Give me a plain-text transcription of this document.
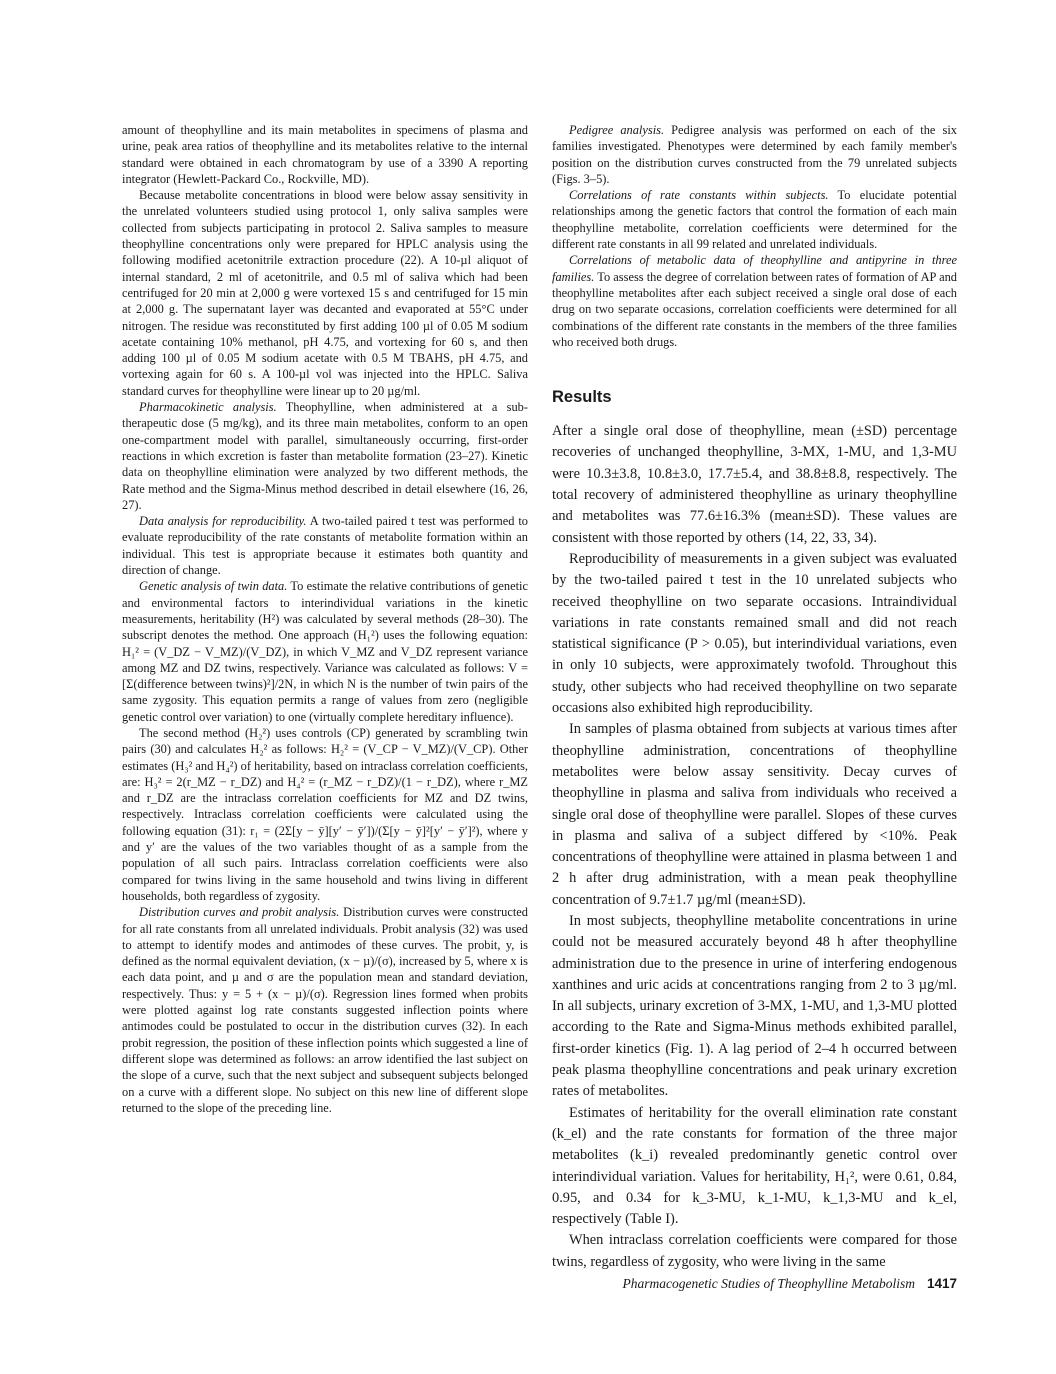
amount of theophylline and its main metabolites in specimens of plasma and urine, peak area ratios of theophylline and its metabolites relative to the internal standard were obtained in each chromatogram by use of a 3390 A reporting integrator (Hewlett-Packard Co., Rockville, MD).

Because metabolite concentrations in blood were below assay sensitivity in the unrelated volunteers studied using protocol 1, only saliva samples were collected from subjects participating in protocol 2. Saliva samples to measure theophylline concentrations only were prepared for HPLC analysis using the following modified acetonitrile extraction procedure (22). A 10-µl aliquot of internal standard, 2 ml of acetonitrile, and 0.5 ml of saliva which had been centrifuged for 20 min at 2,000 g were vortexed 15 s and centrifuged for 15 min at 2,000 g. The supernatant layer was decanted and evaporated at 55°C under nitrogen. The residue was reconstituted by first adding 100 µl of 0.05 M sodium acetate containing 10% methanol, pH 4.75, and vortexing for 60 s, and then adding 100 µl of 0.05 M sodium acetate with 0.5 M TBAHS, pH 4.75, and vortexing again for 60 s. A 100-µl vol was injected into the HPLC. Saliva standard curves for theophylline were linear up to 20 µg/ml.

Pharmacokinetic analysis. Theophylline, when administered at a sub-therapeutic dose (5 mg/kg), and its three main metabolites, conform to an open one-compartment model with parallel, simultaneously occurring, first-order reactions in which excretion is faster than metabolite formation (23–27). Kinetic data on theophylline elimination were analyzed by two different methods, the Rate method and the Sigma-Minus method described in detail elsewhere (16, 26, 27).

Data analysis for reproducibility. A two-tailed paired t test was performed to evaluate reproducibility of the rate constants of metabolite formation within an individual. This test is appropriate because it estimates both quantity and direction of change.

Genetic analysis of twin data. To estimate the relative contributions of genetic and environmental factors to interindividual variations in the kinetic measurements, heritability (H²) was calculated by several methods (28–30). The subscript denotes the method. One approach (H₁²) uses the following equation: H₁² = (V_DZ − V_MZ)/(V_DZ), in which V_MZ and V_DZ represent variance among MZ and DZ twins, respectively. Variance was calculated as follows: V = [Σ(difference between twins)²]/2N, in which N is the number of twin pairs of the same zygosity. This equation permits a range of values from zero (negligible genetic control over variation) to one (virtually complete hereditary influence).

The second method (H₂²) uses controls (CP) generated by scrambling twin pairs (30) and calculates H₂² as follows: H₂² = (V_CP − V_MZ)/(V_CP). Other estimates (H₃² and H₄²) of heritability, based on intraclass correlation coefficients, are: H₃² = 2(r_MZ − r_DZ) and H₄² = (r_MZ − r_DZ)/(1 − r_DZ), where r_MZ and r_DZ are the intraclass correlation coefficients for MZ and DZ twins, respectively. Intraclass correlation coefficients were calculated using the following equation (31): r₁ = (2Σ[y − ȳ][y′ − ȳ′])/(Σ[y − ȳ]²[y′ − ȳ′]²), where y and y′ are the values of the two variables thought of as a sample from the population of all such pairs. Intraclass correlation coefficients were also compared for twins living in the same household and twins living in different households, both regardless of zygosity.

Distribution curves and probit analysis. Distribution curves were constructed for all rate constants from all unrelated individuals. Probit analysis (32) was used to attempt to identify modes and antimodes of these curves. The probit, y, is defined as the normal equivalent deviation, (x − µ)/(σ), increased by 5, where x is each data point, and µ and σ are the population mean and standard deviation, respectively. Thus: y = 5 + (x − µ)/(σ). Regression lines formed when probits were plotted against log rate constants suggested inflection points where antimodes could be postulated to occur in the distribution curves (32). In each probit regression, the position of these inflection points which suggested a line of different slope was determined as follows: an arrow identified the last subject on the slope of a curve, such that the next subject and subsequent subjects belonged on a curve with a different slope. No subject on this new line of different slope returned to the slope of the preceding line.

Pedigree analysis. Pedigree analysis was performed on each of the six families investigated. Phenotypes were determined by each family member's position on the distribution curves constructed from the 79 unrelated subjects (Figs. 3–5).

Correlations of rate constants within subjects. To elucidate potential relationships among the genetic factors that control the formation of each main theophylline metabolite, correlation coefficients were determined for the different rate constants in all 99 related and unrelated individuals.

Correlations of metabolic data of theophylline and antipyrine in three families. To assess the degree of correlation between rates of formation of AP and theophylline metabolites after each subject received a single oral dose of each drug on two separate occasions, correlation coefficients were determined for all combinations of the different rate constants in the members of the three families who received both drugs.

Results

After a single oral dose of theophylline, mean (±SD) percentage recoveries of unchanged theophylline, 3-MX, 1-MU, and 1,3-MU were 10.3±3.8, 10.8±3.0, 17.7±5.4, and 38.8±8.8, respectively. The total recovery of administered theophylline as urinary theophylline and metabolites was 77.6±16.3% (mean±SD). These values are consistent with those reported by others (14, 22, 33, 34).

Reproducibility of measurements in a given subject was evaluated by the two-tailed paired t test in the 10 unrelated subjects who received theophylline on two separate occasions. Intraindividual variations in rate constants remained small and did not reach statistical significance (P > 0.05), but interindividual variations, even in only 10 subjects, were approximately twofold. Throughout this study, other subjects who had received theophylline on two separate occasions also exhibited high reproducibility.

In samples of plasma obtained from subjects at various times after theophylline administration, concentrations of theophylline metabolites were below assay sensitivity. Decay curves of theophylline in plasma and saliva from individuals who received a single oral dose of theophylline were parallel. Slopes of these curves in plasma and saliva of a subject differed by <10%. Peak concentrations of theophylline were attained in plasma between 1 and 2 h after drug administration, with a mean peak theophylline concentration of 9.7±1.7 µg/ml (mean±SD).

In most subjects, theophylline metabolite concentrations in urine could not be measured accurately beyond 48 h after theophylline administration due to the presence in urine of interfering endogenous xanthines and uric acids at concentrations ranging from 2 to 3 µg/ml. In all subjects, urinary excretion of 3-MX, 1-MU, and 1,3-MU plotted according to the Rate and Sigma-Minus methods exhibited parallel, first-order kinetics (Fig. 1). A lag period of 2–4 h occurred between peak plasma theophylline concentrations and peak urinary excretion rates of metabolites.

Estimates of heritability for the overall elimination rate constant (k_el) and the rate constants for formation of the three major metabolites (k_i) revealed predominantly genetic control over interindividual variation. Values for heritability, H₁², were 0.61, 0.84, 0.95, and 0.34 for k_3-MU, k_1-MU, k_1,3-MU and k_el, respectively (Table I).

When intraclass correlation coefficients were compared for those twins, regardless of zygosity, who were living in the same

Pharmacogenetic Studies of Theophylline Metabolism 1417
